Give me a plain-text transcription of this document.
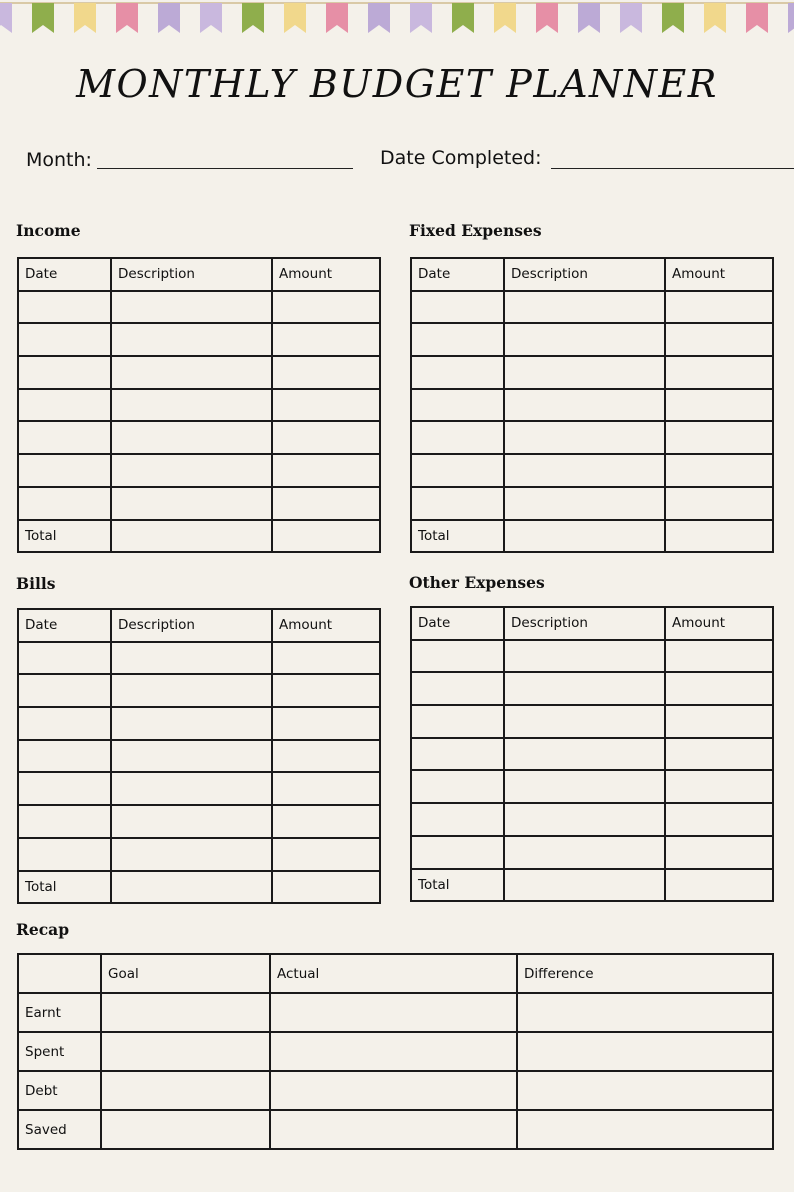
MONTHLY BUDGET PLANNER
Month:	Date Completed:
Income
Date	Description	Amount

Total		
Fixed Expenses
Date	Description	Amount

Total		
Bills
Date	Description	Amount

Total		
Other Expenses
Date	Description	Amount

Total		
Recap
	Goal	Actual	Difference
Earnt			
Spent			
Debt			
Saved			
